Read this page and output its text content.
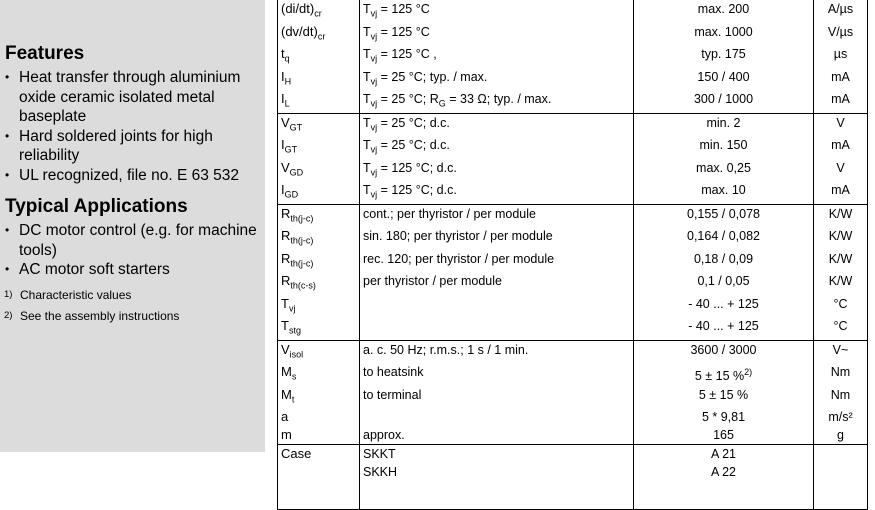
Features
• Heat transfer through aluminium oxide ceramic isolated metal baseplate
• Hard soldered joints for high reliability
• UL recognized, file no. E 63 532
Typical Applications
• DC motor control (e.g. for machine tools)
• AC motor soft starters
1) Characteristic values
2) See the assembly instructions
$(di/dt)_{cr}$	$T_{vj} = 125$ °C	max. 200	A/µs
$(dv/dt)_{cr}$	$T_{vj} = 125$ °C	max. 1000	V/µs
$t_q$	$T_{vj} = 125$ °C ,	typ. 175	µs
$I_H$	$T_{vj} = 25$ °C; typ. / max.	150 / 400	mA
$I_L$	$T_{vj} = 25$ °C; $R_G = 33$ Ω; typ. / max.	300 / 1000	mA
$V_{GT}$	$T_{vj} = 25$ °C; d.c.	min. 2	V
$I_{GT}$	$T_{vj} = 25$ °C; d.c.	min. 150	mA
$V_{GD}$	$T_{vj} = 125$ °C; d.c.	max. 0,25	V
$I_{GD}$	$T_{vj} = 125$ °C; d.c.	max. 10	mA
$R_{th(j-c)}$	cont.; per thyristor / per module	0,155 / 0,078	K/W
$R_{th(j-c)}$	sin. 180; per thyristor / per module	0,164 / 0,082	K/W
$R_{th(j-c)}$	rec. 120; per thyristor / per module	0,18 / 0,09	K/W
$R_{th(c-s)}$	per thyristor / per module	0,1 / 0,05	K/W
$T_{vj}$		- 40 ... + 125	°C
$T_{stg}$		- 40 ... + 125	°C
$V_{isol}$	a. c. 50 Hz; r.m.s.; 1 s / 1 min.	3600 / 3000	V~
$M_s$	to heatsink	5 ± 15 %$^{2)}$	Nm
$M_t$	to terminal	5 ± 15 %	Nm
a		5 * 9,81	m/s²
m	approx.	165	g
Case	SKKT	A 21	
	SKKH	A 22	
